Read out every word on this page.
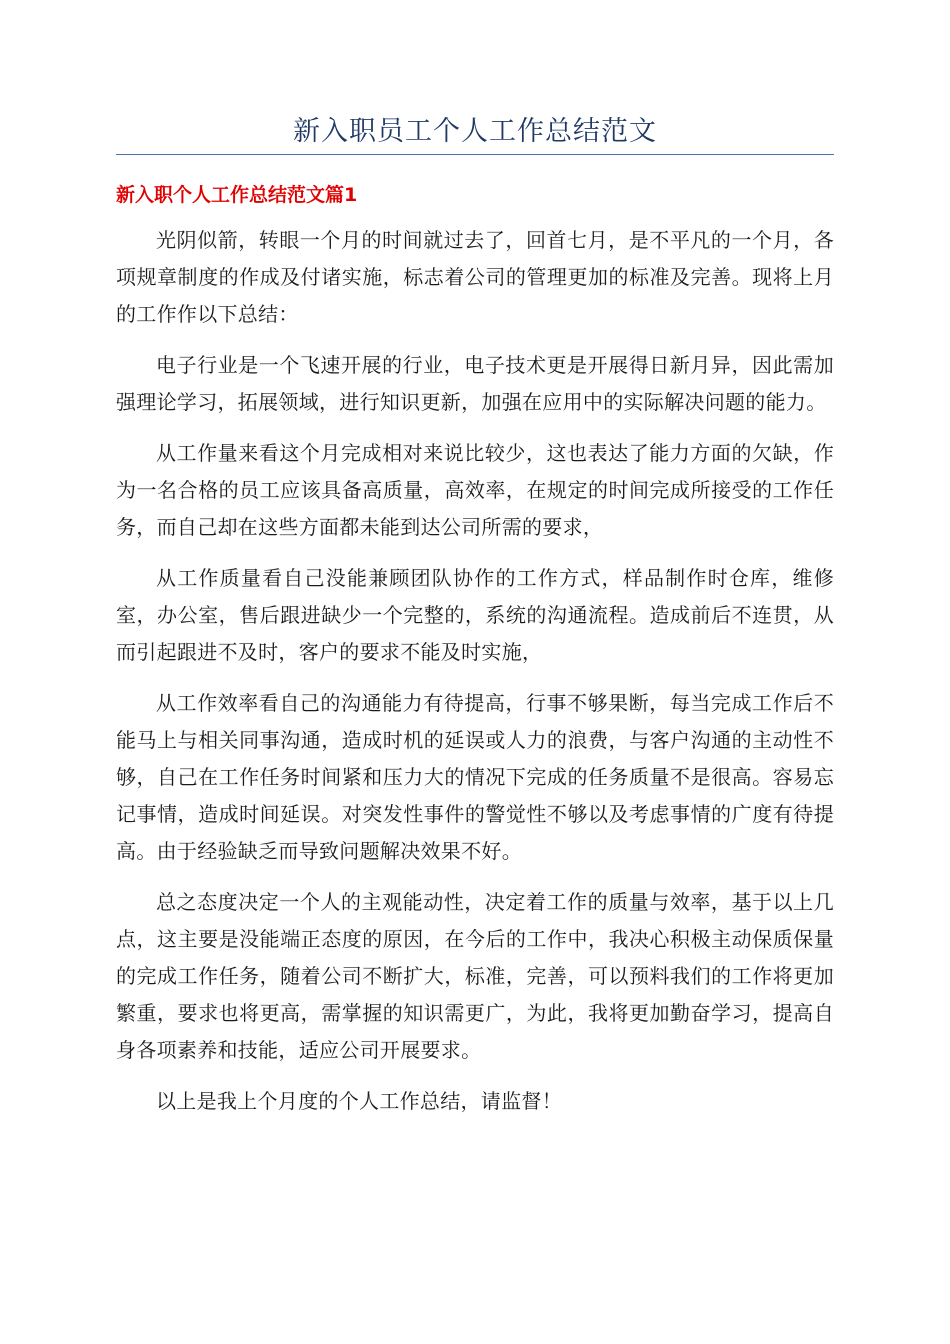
新入职员工个人工作总结范文
新入职个人工作总结范文篇1

光阴似箭，转眼一个月的时间就过去了，回首七月，是不平凡的一个月，各项规章制度的作成及付诸实施，标志着公司的管理更加的标准及完善。现将上月的工作作以下总结：

电子行业是一个飞速开展的行业，电子技术更是开展得日新月异，因此需加强理论学习，拓展领域，进行知识更新，加强在应用中的实际解决问题的能力。

从工作量来看这个月完成相对来说比较少，这也表达了能力方面的欠缺，作为一名合格的员工应该具备高质量，高效率，在规定的时间完成所接受的工作任务，而自己却在这些方面都未能到达公司所需的要求，

从工作质量看自己没能兼顾团队协作的工作方式，样品制作时仓库，维修室，办公室，售后跟进缺少一个完整的，系统的沟通流程。造成前后不连贯，从而引起跟进不及时，客户的要求不能及时实施，

从工作效率看自己的沟通能力有待提高，行事不够果断，每当完成工作后不能马上与相关同事沟通，造成时机的延误或人力的浪费，与客户沟通的主动性不够，自己在工作任务时间紧和压力大的情况下完成的任务质量不是很高。容易忘记事情，造成时间延误。对突发性事件的警觉性不够以及考虑事情的广度有待提高。由于经验缺乏而导致问题解决效果不好。

总之态度决定一个人的主观能动性，决定着工作的质量与效率，基于以上几点，这主要是没能端正态度的原因，在今后的工作中，我决心积极主动保质保量的完成工作任务，随着公司不断扩大，标准，完善，可以预料我们的工作将更加繁重，要求也将更高，需掌握的知识需更广，为此，我将更加勤奋学习，提高自身各项素养和技能，适应公司开展要求。

以上是我上个月度的个人工作总结，请监督！
